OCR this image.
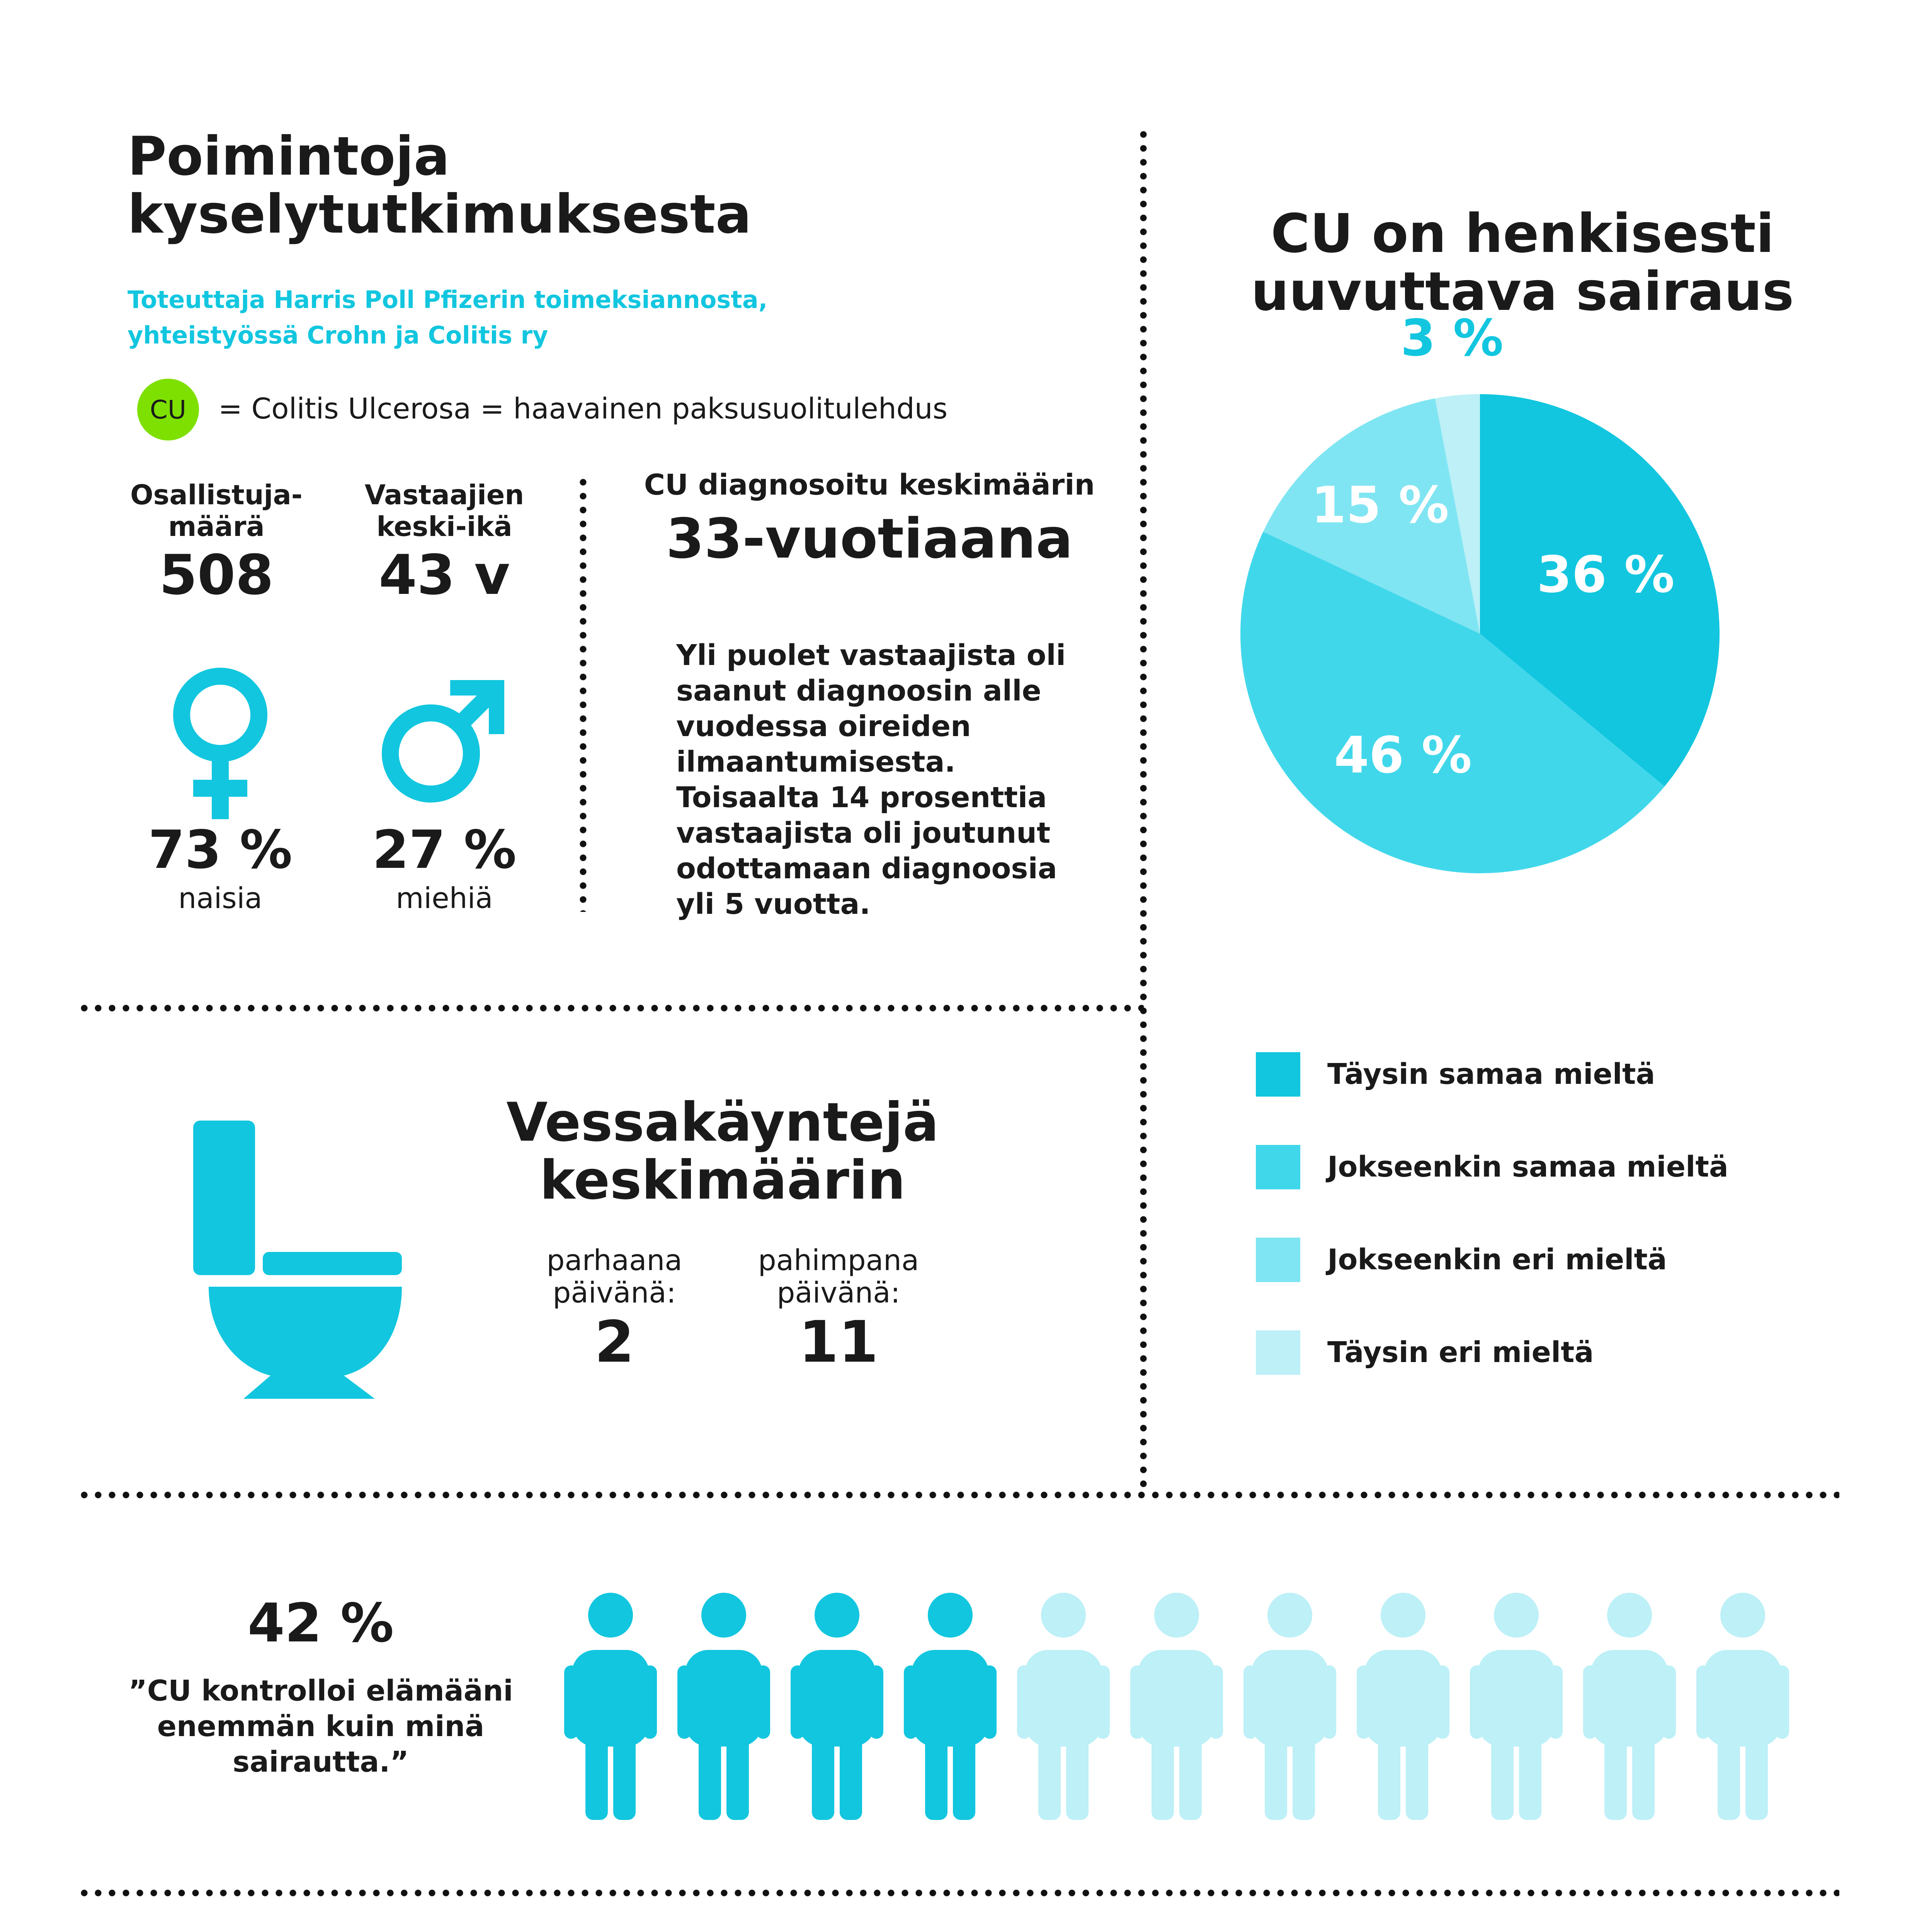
Poimintoja
kyselytutkimuksesta
Toteuttaja Harris Poll Pfizerin toimeksiannosta,
yhteistyössä Crohn ja Colitis ry
CU = Colitis Ulcerosa = haavainen paksusuolitulehdus
Osallistuja-
määrä
508
Vastaajien
keski-ikä
43 v
73 %
naisia
27 %
miehiä
CU diagnosoitu keskimäärin
33-vuotiaana
Yli puolet vastaajista oli
saanut diagnoosin alle
vuodessa oireiden
ilmaantumisesta.
Toisaalta 14 prosenttia
vastaajista oli joutunut
odottamaan diagnoosia
yli 5 vuotta.
Vessakäyntejä
keskimäärin
parhaana
päivänä:
2
pahimpana
päivänä:
11
CU on henkisesti
uuvuttava sairaus
36 %
46 %
15 %
3 %
Täysin samaa mieltä
Jokseenkin samaa mieltä
Jokseenkin eri mieltä
Täysin eri mieltä
42 %
”CU kontrolloi elämääni
enemmän kuin minä
sairautta.”
